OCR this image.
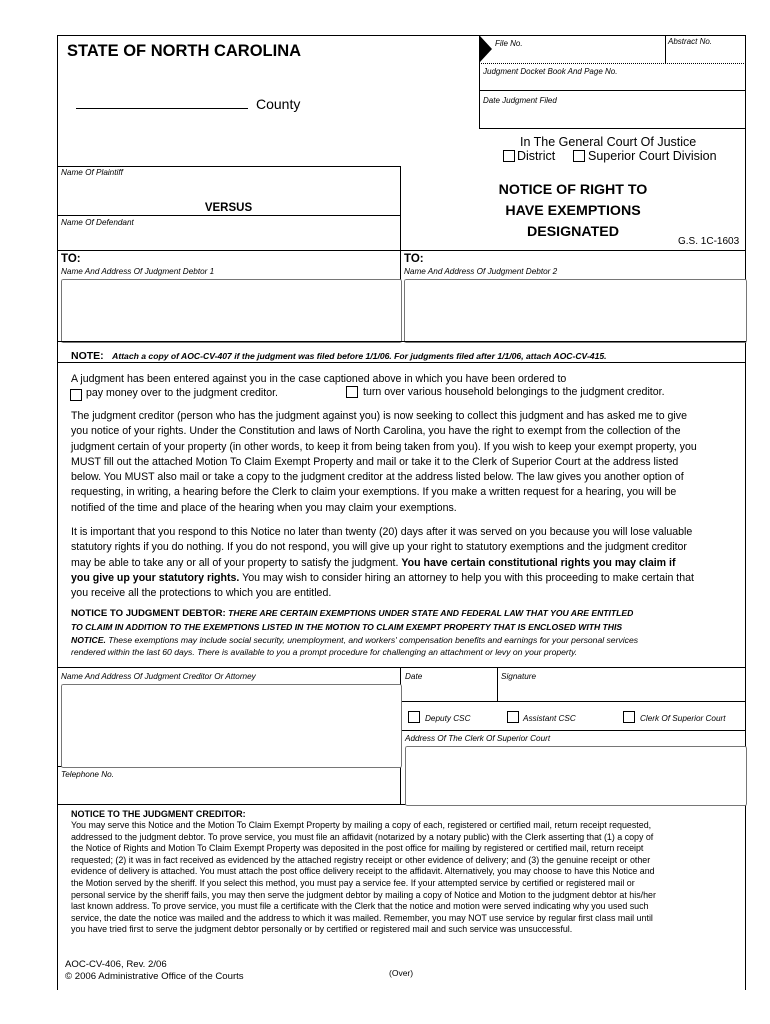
STATE OF NORTH CAROLINA
County
File No.	Abstract No.
Judgment Docket Book And Page No.
Date Judgment Filed
In The General Court Of Justice
District	Superior Court Division
Name Of Plaintiff
VERSUS
Name Of Defendant
NOTICE OF RIGHT TO
HAVE EXEMPTIONS
DESIGNATED
G.S. 1C-1603
TO:
Name And Address Of Judgment Debtor 1
TO:
Name And Address Of Judgment Debtor 2
NOTE: Attach a copy of AOC-CV-407 if the judgment was filed before 1/1/06. For judgments filed after 1/1/06, attach AOC-CV-415.
A judgment has been entered against you in the case captioned above in which you have been ordered to
pay money over to the judgment creditor.	turn over various household belongings to the judgment creditor.
The judgment creditor (person who has the judgment against you) is now seeking to collect this judgment and has asked me to give
you notice of your rights. Under the Constitution and laws of North Carolina, you have the right to exempt from the collection of the
judgment certain of your property (in other words, to keep it from being taken from you). If you wish to keep your exempt property, you
MUST fill out the attached Motion To Claim Exempt Property and mail or take it to the Clerk of Superior Court at the address listed
below. You MUST also mail or take a copy to the judgment creditor at the address listed below. The law gives you another option of
requesting, in writing, a hearing before the Clerk to claim your exemptions. If you make a written request for a hearing, you will be
notified of the time and place of the hearing when you may claim your exemptions.
It is important that you respond to this Notice no later than twenty (20) days after it was served on you because you will lose valuable
statutory rights if you do nothing. If you do not respond, you will give up your right to statutory exemptions and the judgment creditor
may be able to take any or all of your property to satisfy the judgment. You have certain constitutional rights you may claim if
you give up your statutory rights. You may wish to consider hiring an attorney to help you with this proceeding to make certain that
you receive all the protections to which you are entitled.
NOTICE TO JUDGMENT DEBTOR: THERE ARE CERTAIN EXEMPTIONS UNDER STATE AND FEDERAL LAW THAT YOU ARE ENTITLED
TO CLAIM IN ADDITION TO THE EXEMPTIONS LISTED IN THE MOTION TO CLAIM EXEMPT PROPERTY THAT IS ENCLOSED WITH THIS
NOTICE. These exemptions may include social security, unemployment, and workers' compensation benefits and earnings for your personal services
rendered within the last 60 days. There is available to you a prompt procedure for challenging an attachment or levy on your property.
Name And Address Of Judgment Creditor Or Attorney
Telephone No.
Date	Signature
Deputy CSC	Assistant CSC	Clerk Of Superior Court
Address Of The Clerk Of Superior Court
NOTICE TO THE JUDGMENT CREDITOR:
You may serve this Notice and the Motion To Claim Exempt Property by mailing a copy of each, registered or certified mail, return receipt requested,
addressed to the judgment debtor. To prove service, you must file an affidavit (notarized by a notary public) with the Clerk asserting that (1) a copy of
the Notice of Rights and Motion To Claim Exempt Property was deposited in the post office for mailing by registered or certified mail, return receipt
requested; (2) it was in fact received as evidenced by the attached registry receipt or other evidence of delivery; and (3) the genuine receipt or other
evidence of delivery is attached. You must attach the post office delivery receipt to the affidavit. Alternatively, you may choose to have this Notice and
the Motion served by the sheriff. If you select this method, you must pay a service fee. If your attempted service by certified or registered mail or
personal service by the sheriff fails, you may then serve the judgment debtor by mailing a copy of Notice and Motion to the judgment debtor at his/her
last known address. To prove service, you must file a certificate with the Clerk that the notice and motion were served indicating why you used such
service, the date the notice was mailed and the address to which it was mailed. Remember, you may NOT use service by regular first class mail until
you have tried first to serve the judgment debtor personally or by certified or registered mail and such service was unsuccessful.
AOC-CV-406, Rev. 2/06
© 2006 Administrative Office of the Courts	(Over)
